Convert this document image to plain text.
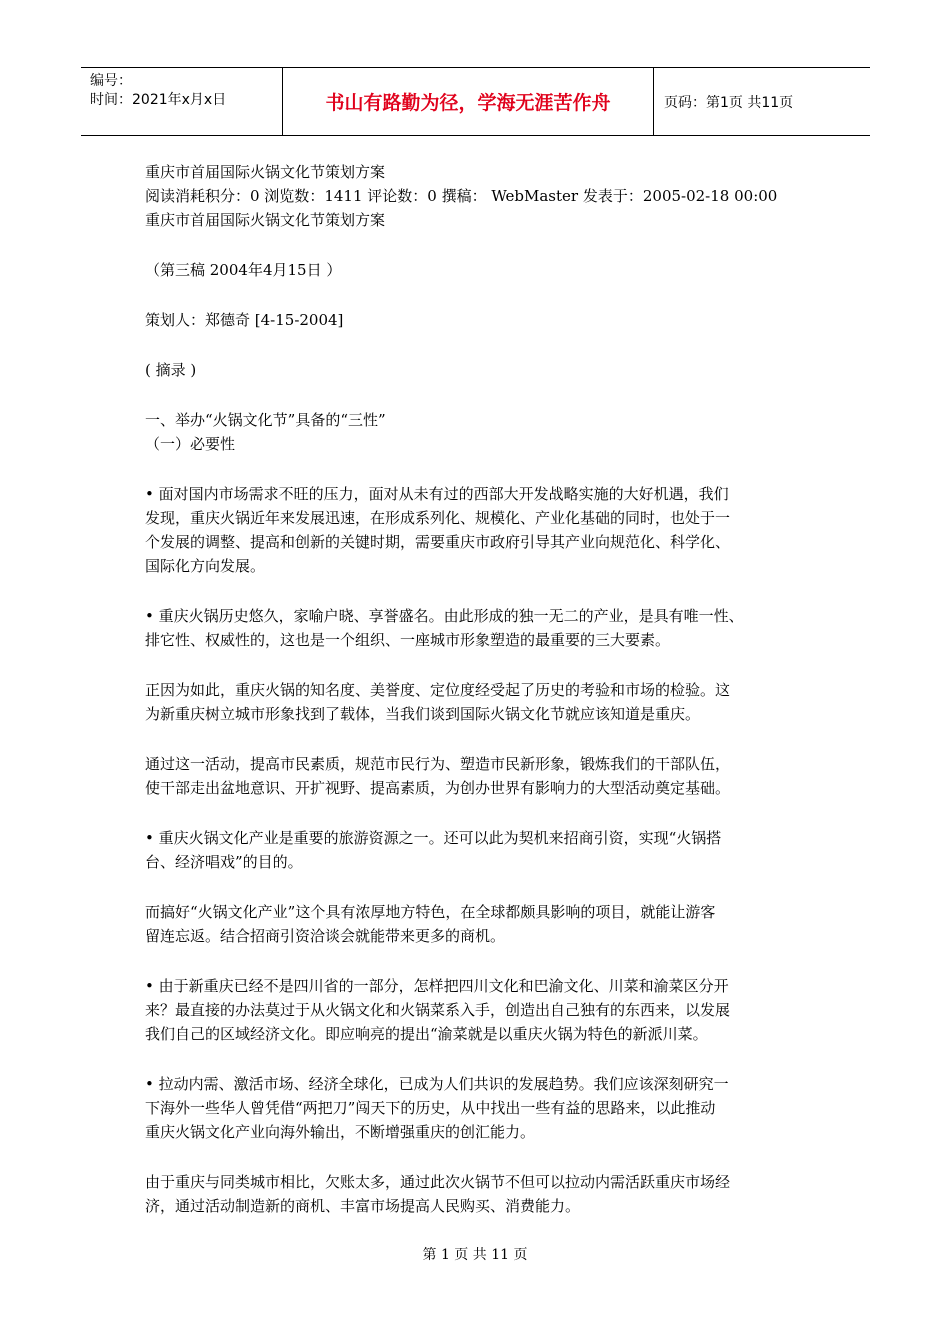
编号：
时间：2021年x月x日	书山有路勤为径，学海无涯苦作舟	页码：第1页 共11页

重庆市首届国际火锅文化节策划方案

阅读消耗积分：0 浏览数：1411 评论数：0 撰稿： WebMaster 发表于：2005-02-18 00:00

重庆市首届国际火锅文化节策划方案

（第三稿 2004年4月15日 ）

策划人：郑德奇 [4-15-2004]

( 摘录 )

一、举办“火锅文化节”具备的“三性”

（一）必要性

• 面对国内市场需求不旺的压力，面对从未有过的西部大开发战略实施的大好机遇，我们

发现，重庆火锅近年来发展迅速，在形成系列化、规模化、产业化基础的同时，也处于一

个发展的调整、提高和创新的关键时期，需要重庆市政府引导其产业向规范化、科学化、

国际化方向发展。

• 重庆火锅历史悠久，家喻户晓、享誉盛名。由此形成的独一无二的产业，是具有唯一性、

排它性、权威性的，这也是一个组织、一座城市形象塑造的最重要的三大要素。

正因为如此，重庆火锅的知名度、美誉度、定位度经受起了历史的考验和市场的检验。这

为新重庆树立城市形象找到了载体，当我们谈到国际火锅文化节就应该知道是重庆。

通过这一活动，提高市民素质，规范市民行为、塑造市民新形象，锻炼我们的干部队伍，

使干部走出盆地意识、开扩视野、提高素质，为创办世界有影响力的大型活动奠定基础。

• 重庆火锅文化产业是重要的旅游资源之一。还可以此为契机来招商引资，实现“火锅搭

台、经济唱戏”的目的。

而搞好“火锅文化产业”这个具有浓厚地方特色，在全球都颇具影响的项目，就能让游客

留连忘返。结合招商引资洽谈会就能带来更多的商机。

• 由于新重庆已经不是四川省的一部分，怎样把四川文化和巴渝文化、川菜和渝菜区分开

来？最直接的办法莫过于从火锅文化和火锅菜系入手，创造出自己独有的东西来，以发展

我们自己的区域经济文化。即应响亮的提出“渝菜就是以重庆火锅为特色的新派川菜。

• 拉动内需、激活市场、经济全球化，已成为人们共识的发展趋势。我们应该深刻研究一

下海外一些华人曾凭借“两把刀”闯天下的历史，从中找出一些有益的思路来，以此推动

重庆火锅文化产业向海外输出，不断增强重庆的创汇能力。

由于重庆与同类城市相比，欠账太多，通过此次火锅节不但可以拉动内需活跃重庆市场经

济，通过活动制造新的商机、丰富市场提高人民购买、消费能力。

第 1 页 共 11 页
